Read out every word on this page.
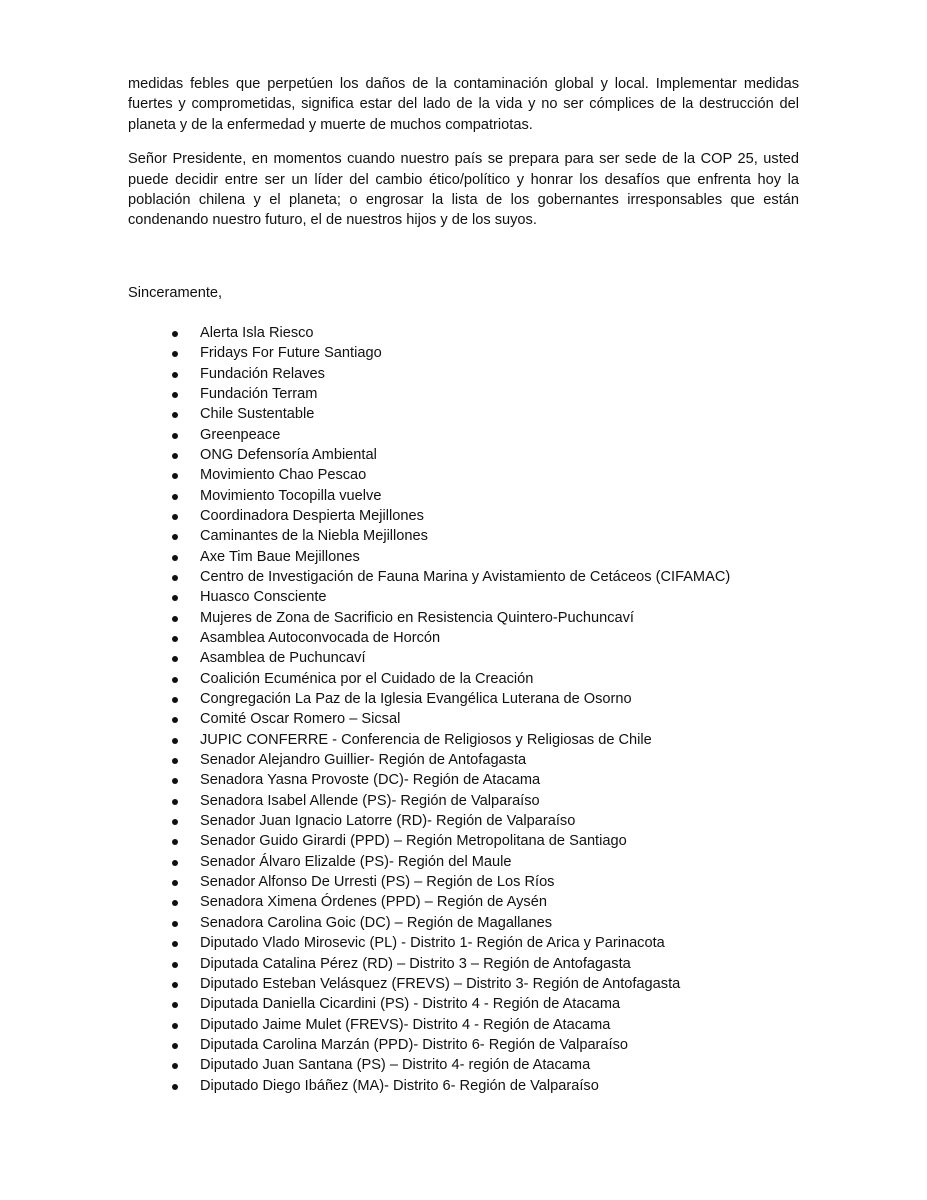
medidas febles que perpetúen los daños de la contaminación global y local. Implementar medidas fuertes y comprometidas, significa estar del lado de la vida y no ser cómplices de la destrucción del planeta y de la enfermedad y muerte de muchos compatriotas.

Señor Presidente, en momentos cuando nuestro país se prepara para ser sede de la COP 25, usted puede decidir entre ser un líder del cambio ético/político y honrar los desafíos que enfrenta hoy la población chilena y el planeta; o engrosar la lista de los gobernantes irresponsables que están condenando nuestro futuro, el de nuestros hijos y de los suyos.

Sinceramente,
Alerta Isla Riesco
Fridays For Future Santiago
Fundación Relaves
Fundación Terram
Chile Sustentable
Greenpeace
ONG Defensoría Ambiental
Movimiento Chao Pescao
Movimiento Tocopilla vuelve
Coordinadora Despierta Mejillones
Caminantes de la Niebla Mejillones
Axe Tim Baue Mejillones
Centro de Investigación de Fauna Marina y Avistamiento de Cetáceos (CIFAMAC)
Huasco Consciente
Mujeres de Zona de Sacrificio en Resistencia Quintero-Puchuncaví
Asamblea Autoconvocada de Horcón
Asamblea de Puchuncaví
Coalición Ecuménica por el Cuidado de la Creación
Congregación La Paz de la Iglesia Evangélica Luterana de Osorno
Comité Oscar Romero – Sicsal
JUPIC CONFERRE - Conferencia de Religiosos y Religiosas de Chile
Senador Alejandro Guillier- Región de Antofagasta
Senadora Yasna Provoste (DC)- Región de Atacama
Senadora Isabel Allende (PS)- Región de Valparaíso
Senador Juan Ignacio Latorre (RD)- Región de Valparaíso
Senador Guido Girardi (PPD) – Región Metropolitana de Santiago
Senador Álvaro Elizalde (PS)- Región del Maule
Senador Alfonso De Urresti (PS) – Región de Los Ríos
Senadora Ximena Órdenes (PPD) – Región de Aysén
Senadora Carolina Goic (DC) – Región de Magallanes
Diputado Vlado Mirosevic (PL) - Distrito 1- Región de Arica y Parinacota
Diputada Catalina Pérez (RD) – Distrito 3 – Región de Antofagasta
Diputado Esteban Velásquez (FREVS) – Distrito 3- Región de Antofagasta
Diputada Daniella Cicardini (PS) - Distrito 4 - Región de Atacama
Diputado Jaime Mulet (FREVS)- Distrito 4 - Región de Atacama
Diputada Carolina Marzán (PPD)- Distrito 6- Región de Valparaíso
Diputado Juan Santana (PS) – Distrito 4- región de Atacama
Diputado Diego Ibáñez (MA)- Distrito 6- Región de Valparaíso
